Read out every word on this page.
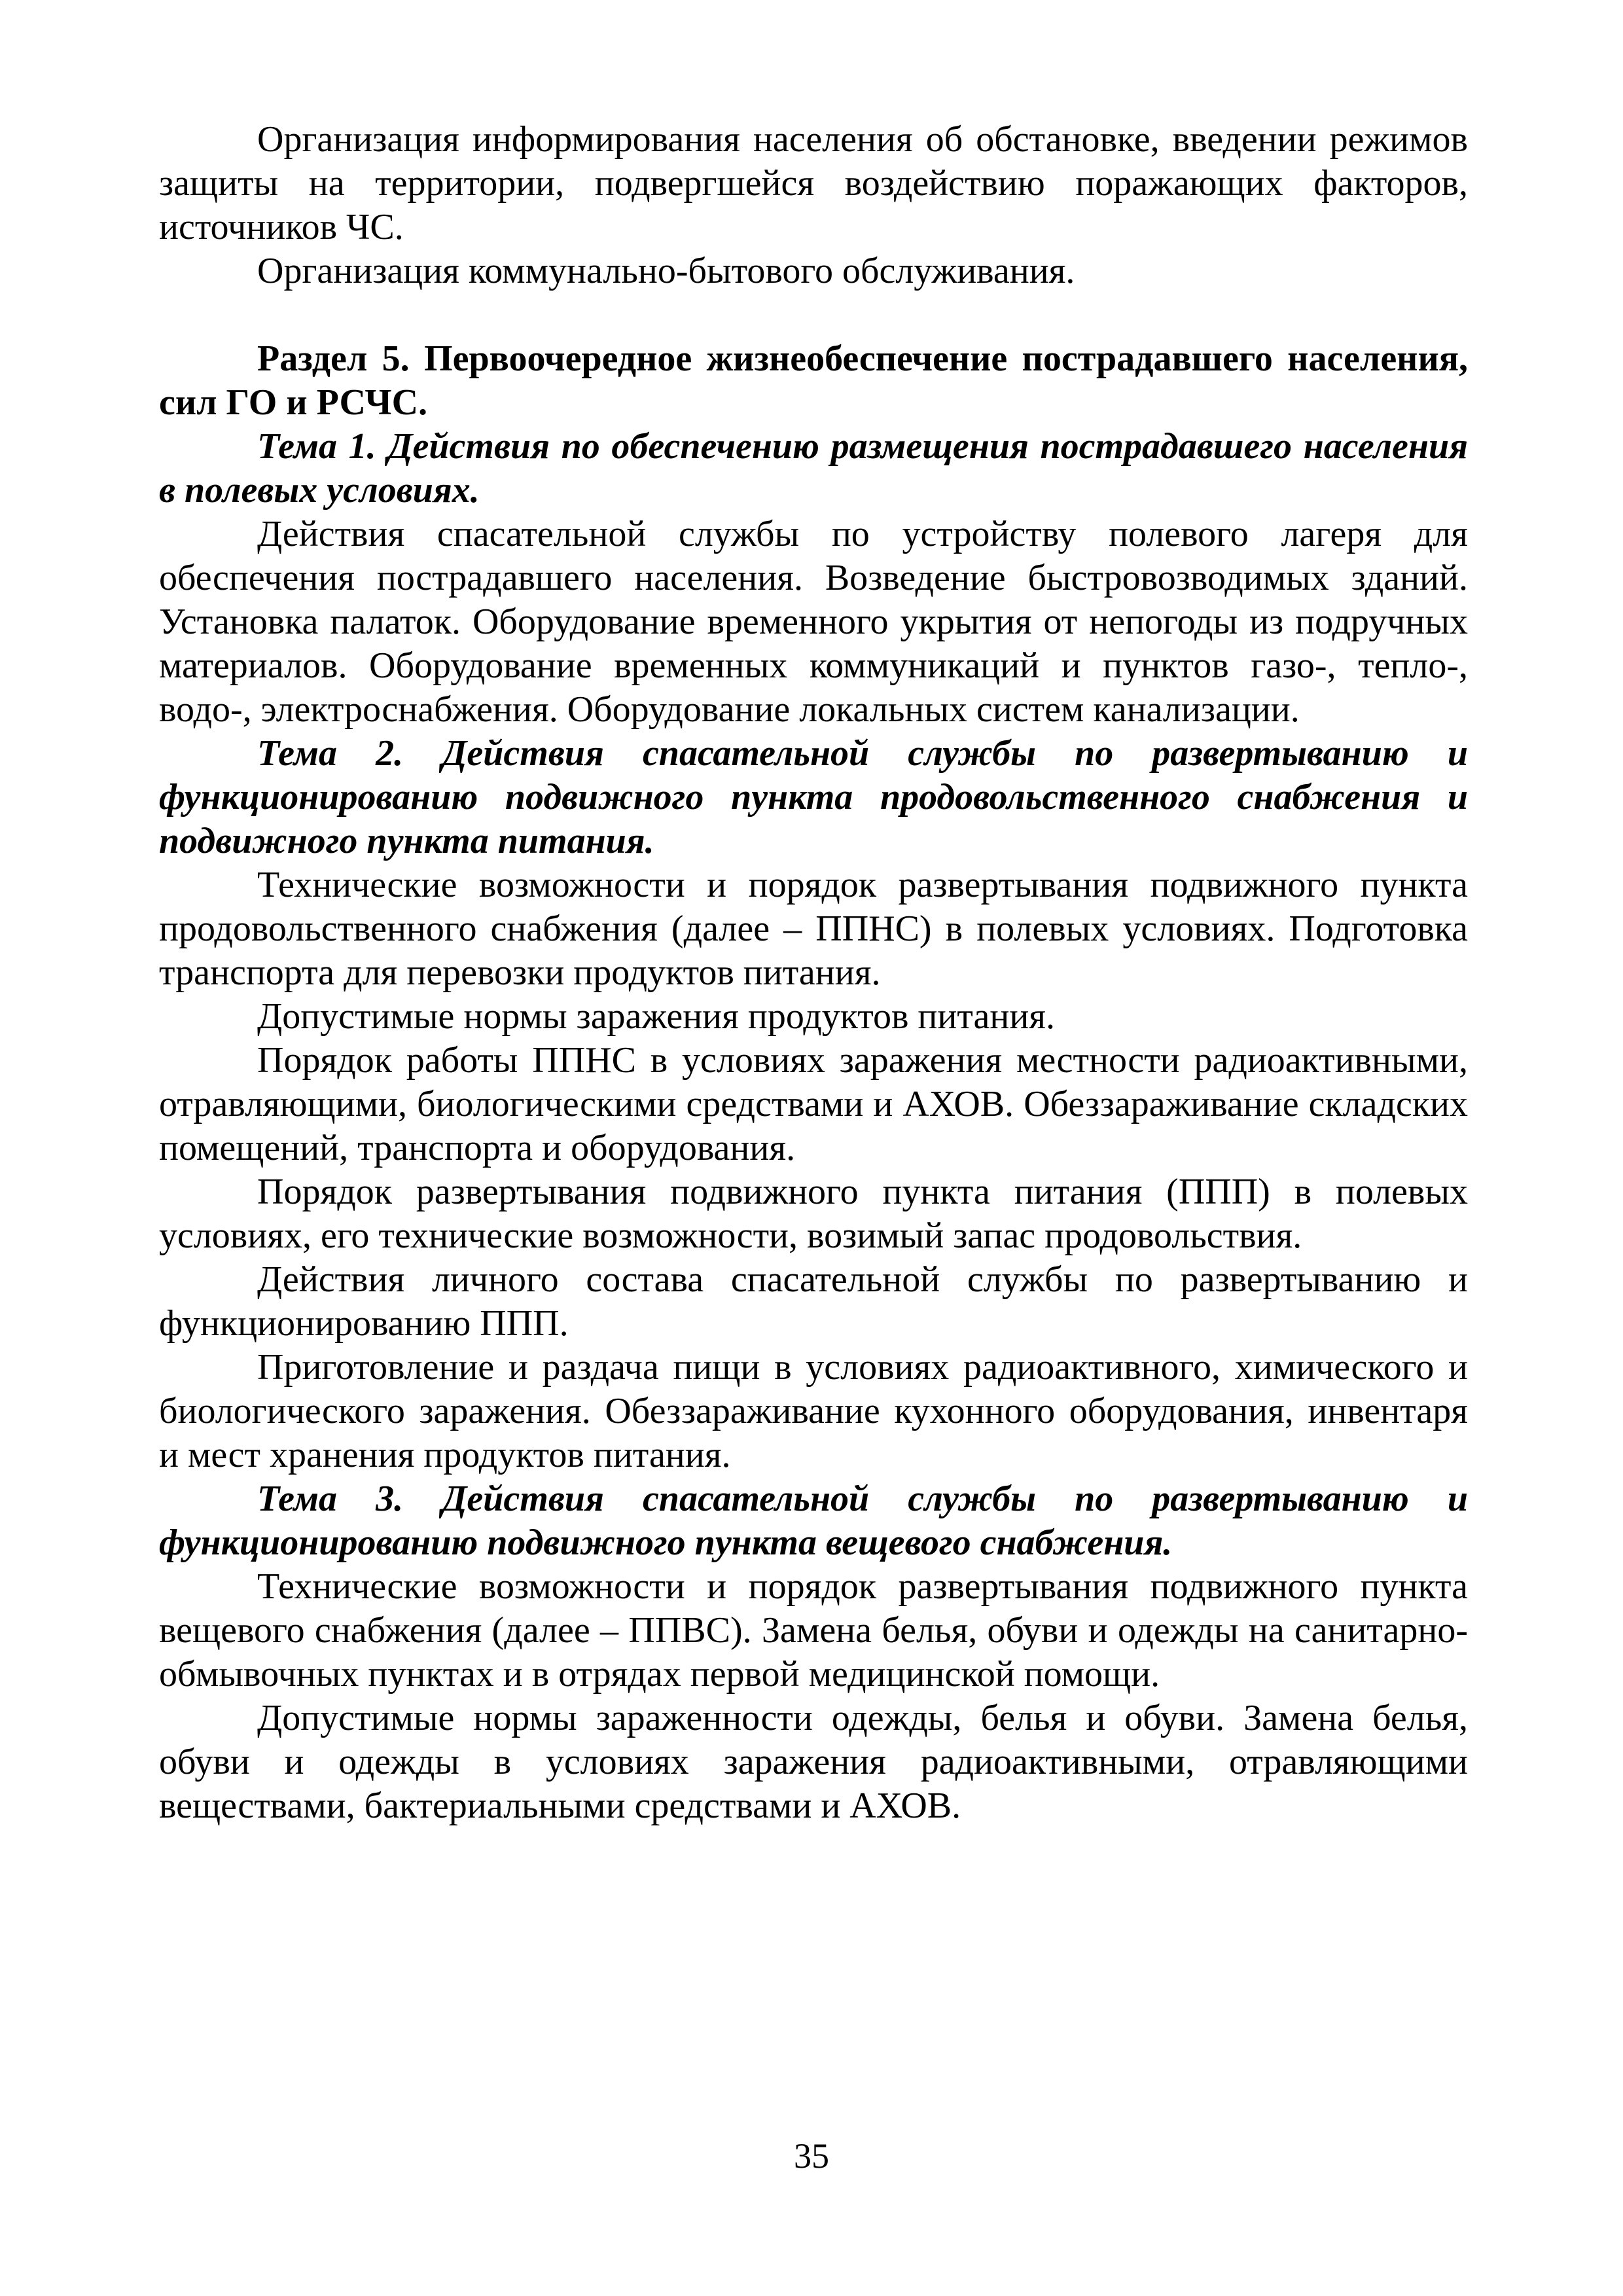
Организация информирования населения об обстановке, введении режимов защиты на территории, подвергшейся воздействию поражающих факторов, источников ЧС.

Организация коммунально-бытового обслуживания.

Раздел 5. Первоочередное жизнеобеспечение пострадавшего населения, сил ГО и РСЧС.

Тема 1. Действия по обеспечению размещения пострадавшего населения в полевых условиях.

Действия спасательной службы по устройству полевого лагеря для обеспечения пострадавшего населения. Возведение быстровозводимых зданий. Установка палаток. Оборудование временного укрытия от непогоды из подручных материалов. Оборудование временных коммуникаций и пунктов газо-, тепло-, водо-, электроснабжения. Оборудование локальных систем канализации.

Тема 2. Действия спасательной службы по развертыванию и функционированию подвижного пункта продовольственного снабжения и подвижного пункта питания.

Технические возможности и порядок развертывания подвижного пункта продовольственного снабжения (далее – ППНС) в полевых условиях. Подготовка транспорта для перевозки продуктов питания.

Допустимые нормы заражения продуктов питания.

Порядок работы ППНС в условиях заражения местности радиоактивными, отравляющими, биологическими средствами и АХОВ. Обеззараживание складских помещений, транспорта и оборудования.

Порядок развертывания подвижного пункта питания (ППП) в полевых условиях, его технические возможности, возимый запас продовольствия.

Действия личного состава спасательной службы по развертыванию и функционированию ППП.

Приготовление и раздача пищи в условиях радиоактивного, химического и биологического заражения. Обеззараживание кухонного оборудования, инвентаря и мест хранения продуктов питания.

Тема 3. Действия спасательной службы по развертыванию и функционированию подвижного пункта вещевого снабжения.

Технические возможности и порядок развертывания подвижного пункта вещевого снабжения (далее – ППВС). Замена белья, обуви и одежды на санитарно-обмывочных пунктах и в отрядах первой медицинской помощи.

Допустимые нормы зараженности одежды, белья и обуви. Замена белья, обуви и одежды в условиях заражения радиоактивными, отравляющими веществами, бактериальными средствами и АХОВ.

35
